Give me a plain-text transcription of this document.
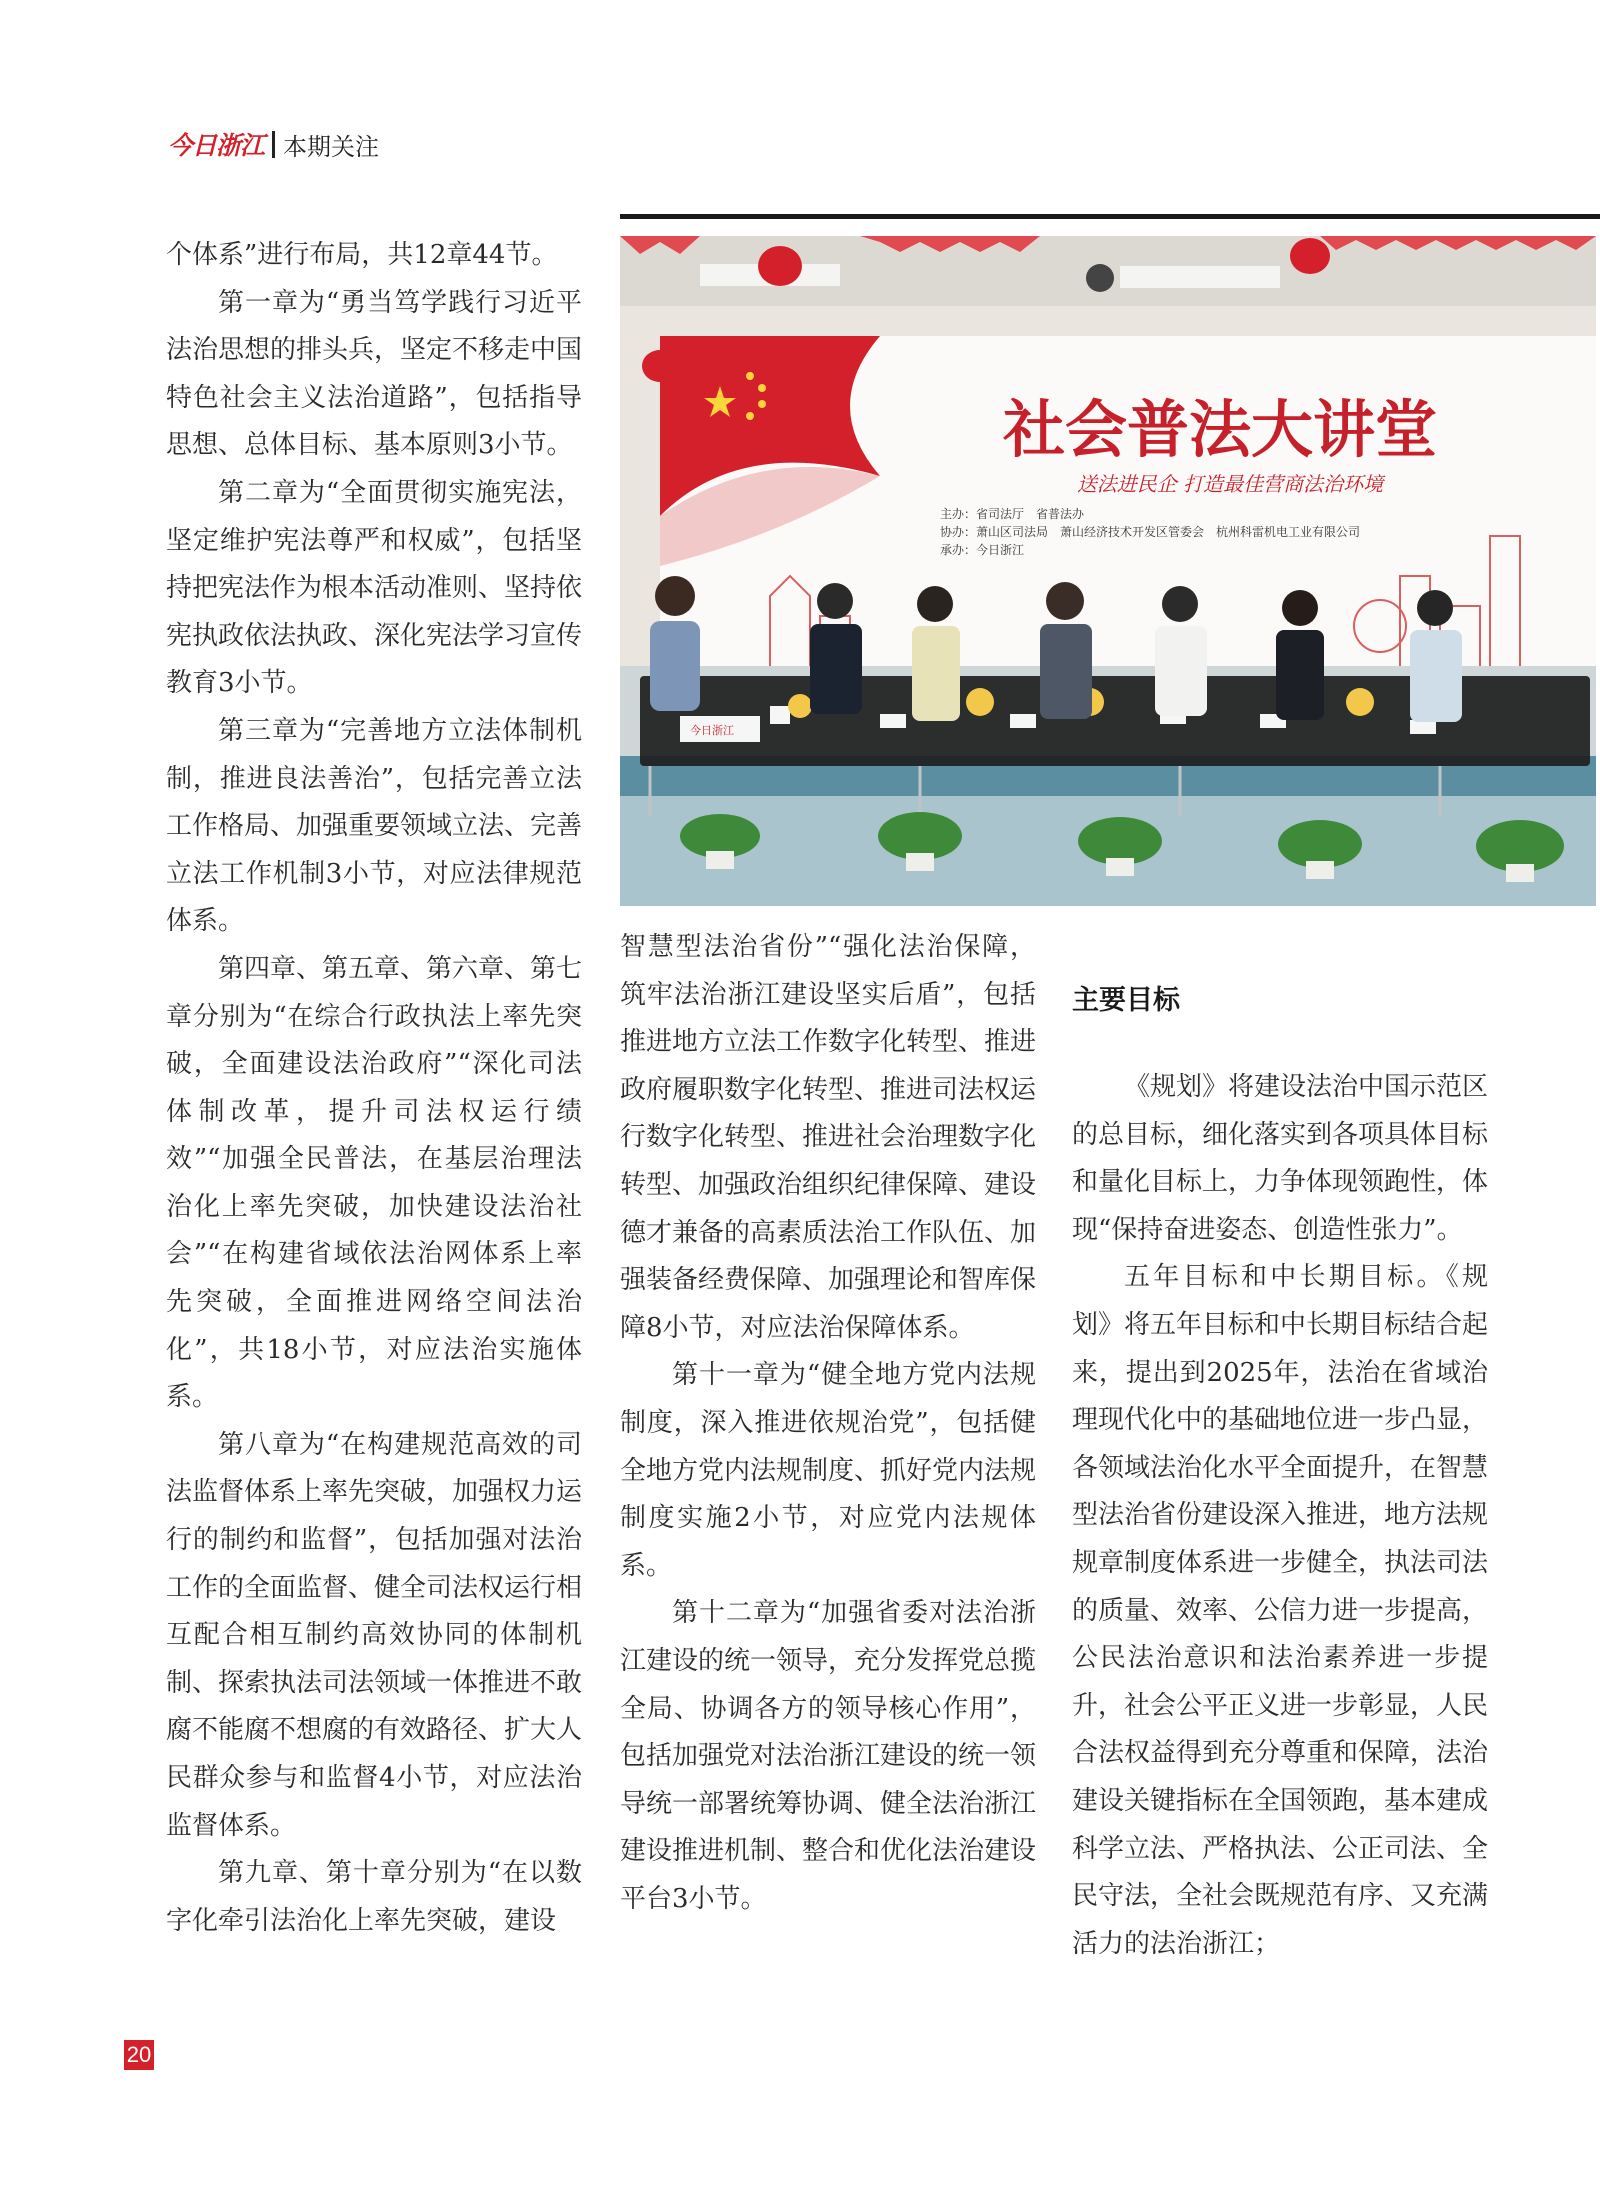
今日浙江 本期关注

个体系”进行布局，共12章44节。

第一章为“勇当笃学践行习近平法治思想的排头兵，坚定不移走中国特色社会主义法治道路”，包括指导思想、总体目标、基本原则3小节。

第二章为“全面贯彻实施宪法，坚定维护宪法尊严和权威”，包括坚持把宪法作为根本活动准则、坚持依宪执政依法执政、深化宪法学习宣传教育3小节。

第三章为“完善地方立法体制机制，推进良法善治”，包括完善立法工作格局、加强重要领域立法、完善立法工作机制3小节，对应法律规范体系。

第四章、第五章、第六章、第七章分别为“在综合行政执法上率先突破，全面建设法治政府”“深化司法体制改革，提升司法权运行绩效”“加强全民普法，在基层治理法治化上率先突破，加快建设法治社会”“在构建省域依法治网体系上率先突破，全面推进网络空间法治化”，共18小节，对应法治实施体系。

第八章为“在构建规范高效的司法监督体系上率先突破，加强权力运行的制约和监督”，包括加强对法治工作的全面监督、健全司法权运行相互配合相互制约高效协同的体制机制、探索执法司法领域一体推进不敢腐不能腐不想腐的有效路径、扩大人民群众参与和监督4小节，对应法治监督体系。

第九章、第十章分别为“在以数字化牵引法治化上率先突破，建设

社会普法大讲堂
送法进民企 打造最佳营商法治环境
主办：省司法厅　省普法办
协办：萧山区司法局　萧山经济技术开发区管委会　杭州科雷机电工业有限公司
承办：今日浙江
今日浙江

智慧型法治省份”“强化法治保障，筑牢法治浙江建设坚实后盾”，包括推进地方立法工作数字化转型、推进政府履职数字化转型、推进司法权运行数字化转型、推进社会治理数字化转型、加强政治组织纪律保障、建设德才兼备的高素质法治工作队伍、加强装备经费保障、加强理论和智库保障8小节，对应法治保障体系。

第十一章为“健全地方党内法规制度，深入推进依规治党”，包括健全地方党内法规制度、抓好党内法规制度实施2小节，对应党内法规体系。

第十二章为“加强省委对法治浙江建设的统一领导，充分发挥党总揽全局、协调各方的领导核心作用”，包括加强党对法治浙江建设的统一领导统一部署统筹协调、健全法治浙江建设推进机制、整合和优化法治建设平台3小节。

主要目标

《规划》将建设法治中国示范区的总目标，细化落实到各项具体目标和量化目标上，力争体现领跑性，体现“保持奋进姿态、创造性张力”。

五年目标和中长期目标。《规划》将五年目标和中长期目标结合起来，提出到2025年，法治在省域治理现代化中的基础地位进一步凸显，各领域法治化水平全面提升，在智慧型法治省份建设深入推进，地方法规规章制度体系进一步健全，执法司法的质量、效率、公信力进一步提高，公民法治意识和法治素养进一步提升，社会公平正义进一步彰显，人民合法权益得到充分尊重和保障，法治建设关键指标在全国领跑，基本建成科学立法、严格执法、公正司法、全民守法，全社会既规范有序、又充满活力的法治浙江；

20
